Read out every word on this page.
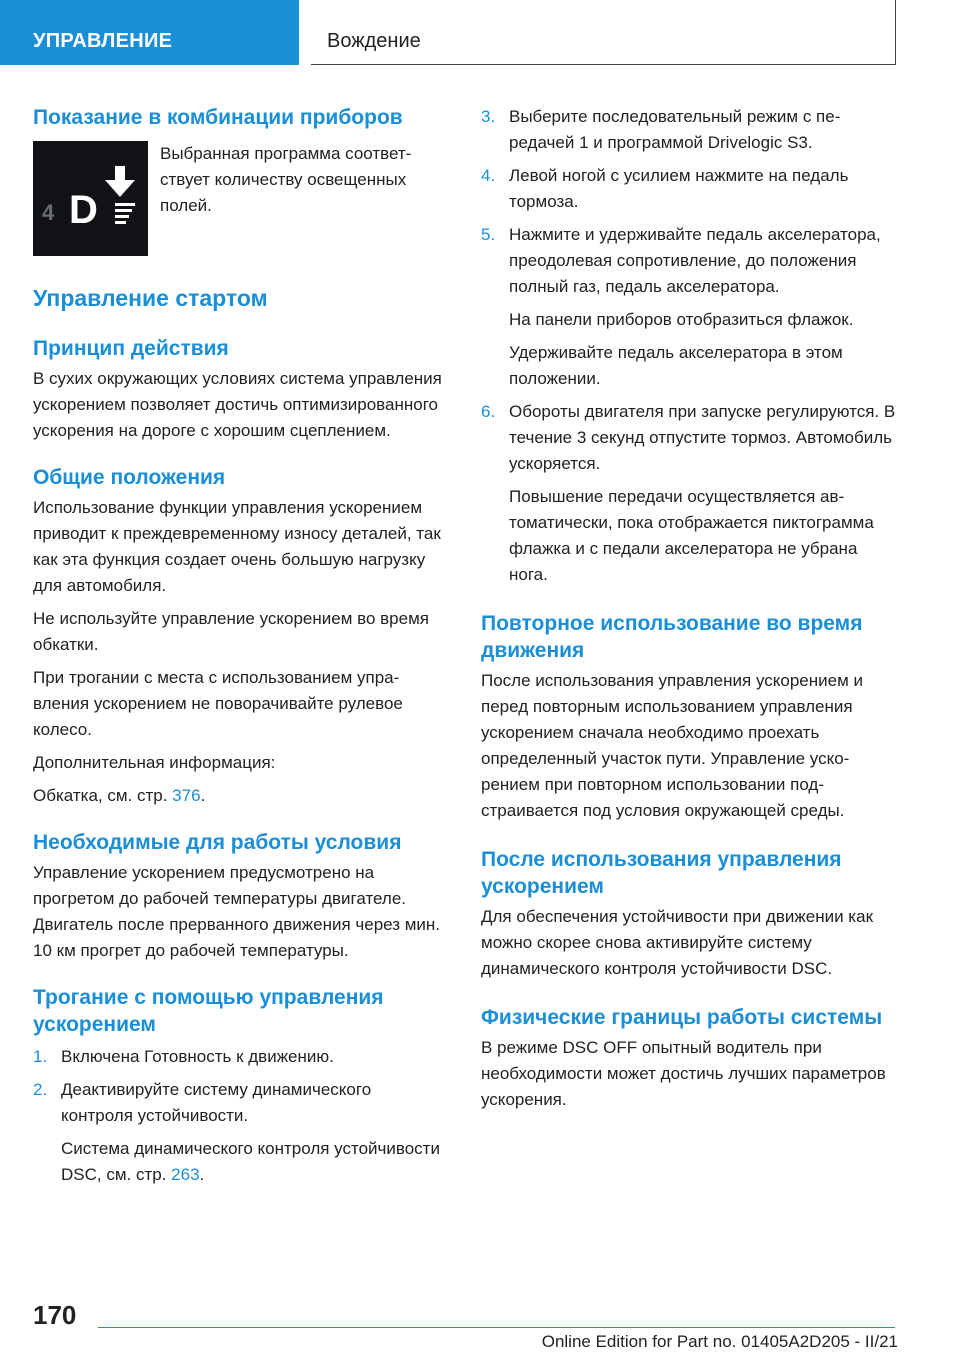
УПРАВЛЕНИЕ	Вождение
Показание в комбинации приборов
4 D

Выбранная программа соответствует количеству освещенных полей.

Управление стартом
Принцип действия

В сухих окружающих условиях система управления ускорением позволяет достичь оптимизированного ускорения на дороге с хорошим сцеплением.

Общие положения

Использование функции управления ускорением приводит к преждевременному износу деталей, так как эта функция создает очень большую нагрузку для автомобиля.

Не используйте управление ускорением во время обкатки.

При трогании с места с использованием управления ускорением не поворачивайте рулевое колесо.

Дополнительная информация:

Обкатка, см. стр. 376.

Необходимые для работы условия

Управление ускорением предусмотрено на прогретом до рабочей температуры двигателе. Двигатель после прерванного движения через мин. 10 км прогрет до рабочей температуры.

Трогание с помощью управления ускорением
1. Включена Готовность к движению.

2. Деактивируйте систему динамического контроля устойчивости.

Система динамического контроля устойчивости DSC, см. стр. 263.

3. Выберите последовательный режим с передачей 1 и программой Drivelogic S3.

4. Левой ногой с усилием нажмите на педаль тормоза.

5. Нажмите и удерживайте педаль акселератора, преодолевая сопротивление, до положения полный газ, педаль акселератора.

На панели приборов отобразиться флажок.

Удерживайте педаль акселератора в этом положении.

6. Обороты двигателя при запуске регулируются. В течение 3 секунд отпустите тормоз. Автомобиль ускоряется.

Повышение передачи осуществляется автоматически, пока отображается пиктограмма флажка и с педали акселератора не убрана нога.

Повторное использование во время движения

После использования управления ускорением и перед повторным использованием управления ускорением сначала необходимо проехать определенный участок пути. Управление ускорением при повторном использовании подстраивается под условия окружающей среды.

После использования управления ускорением

Для обеспечения устойчивости при движении как можно скорее снова активируйте систему динамического контроля устойчивости DSC.

Физические границы работы системы

В режиме DSC OFF опытный водитель при необходимости может достичь лучших параметров ускорения.

170
Online Edition for Part no. 01405A2D205 - II/21
